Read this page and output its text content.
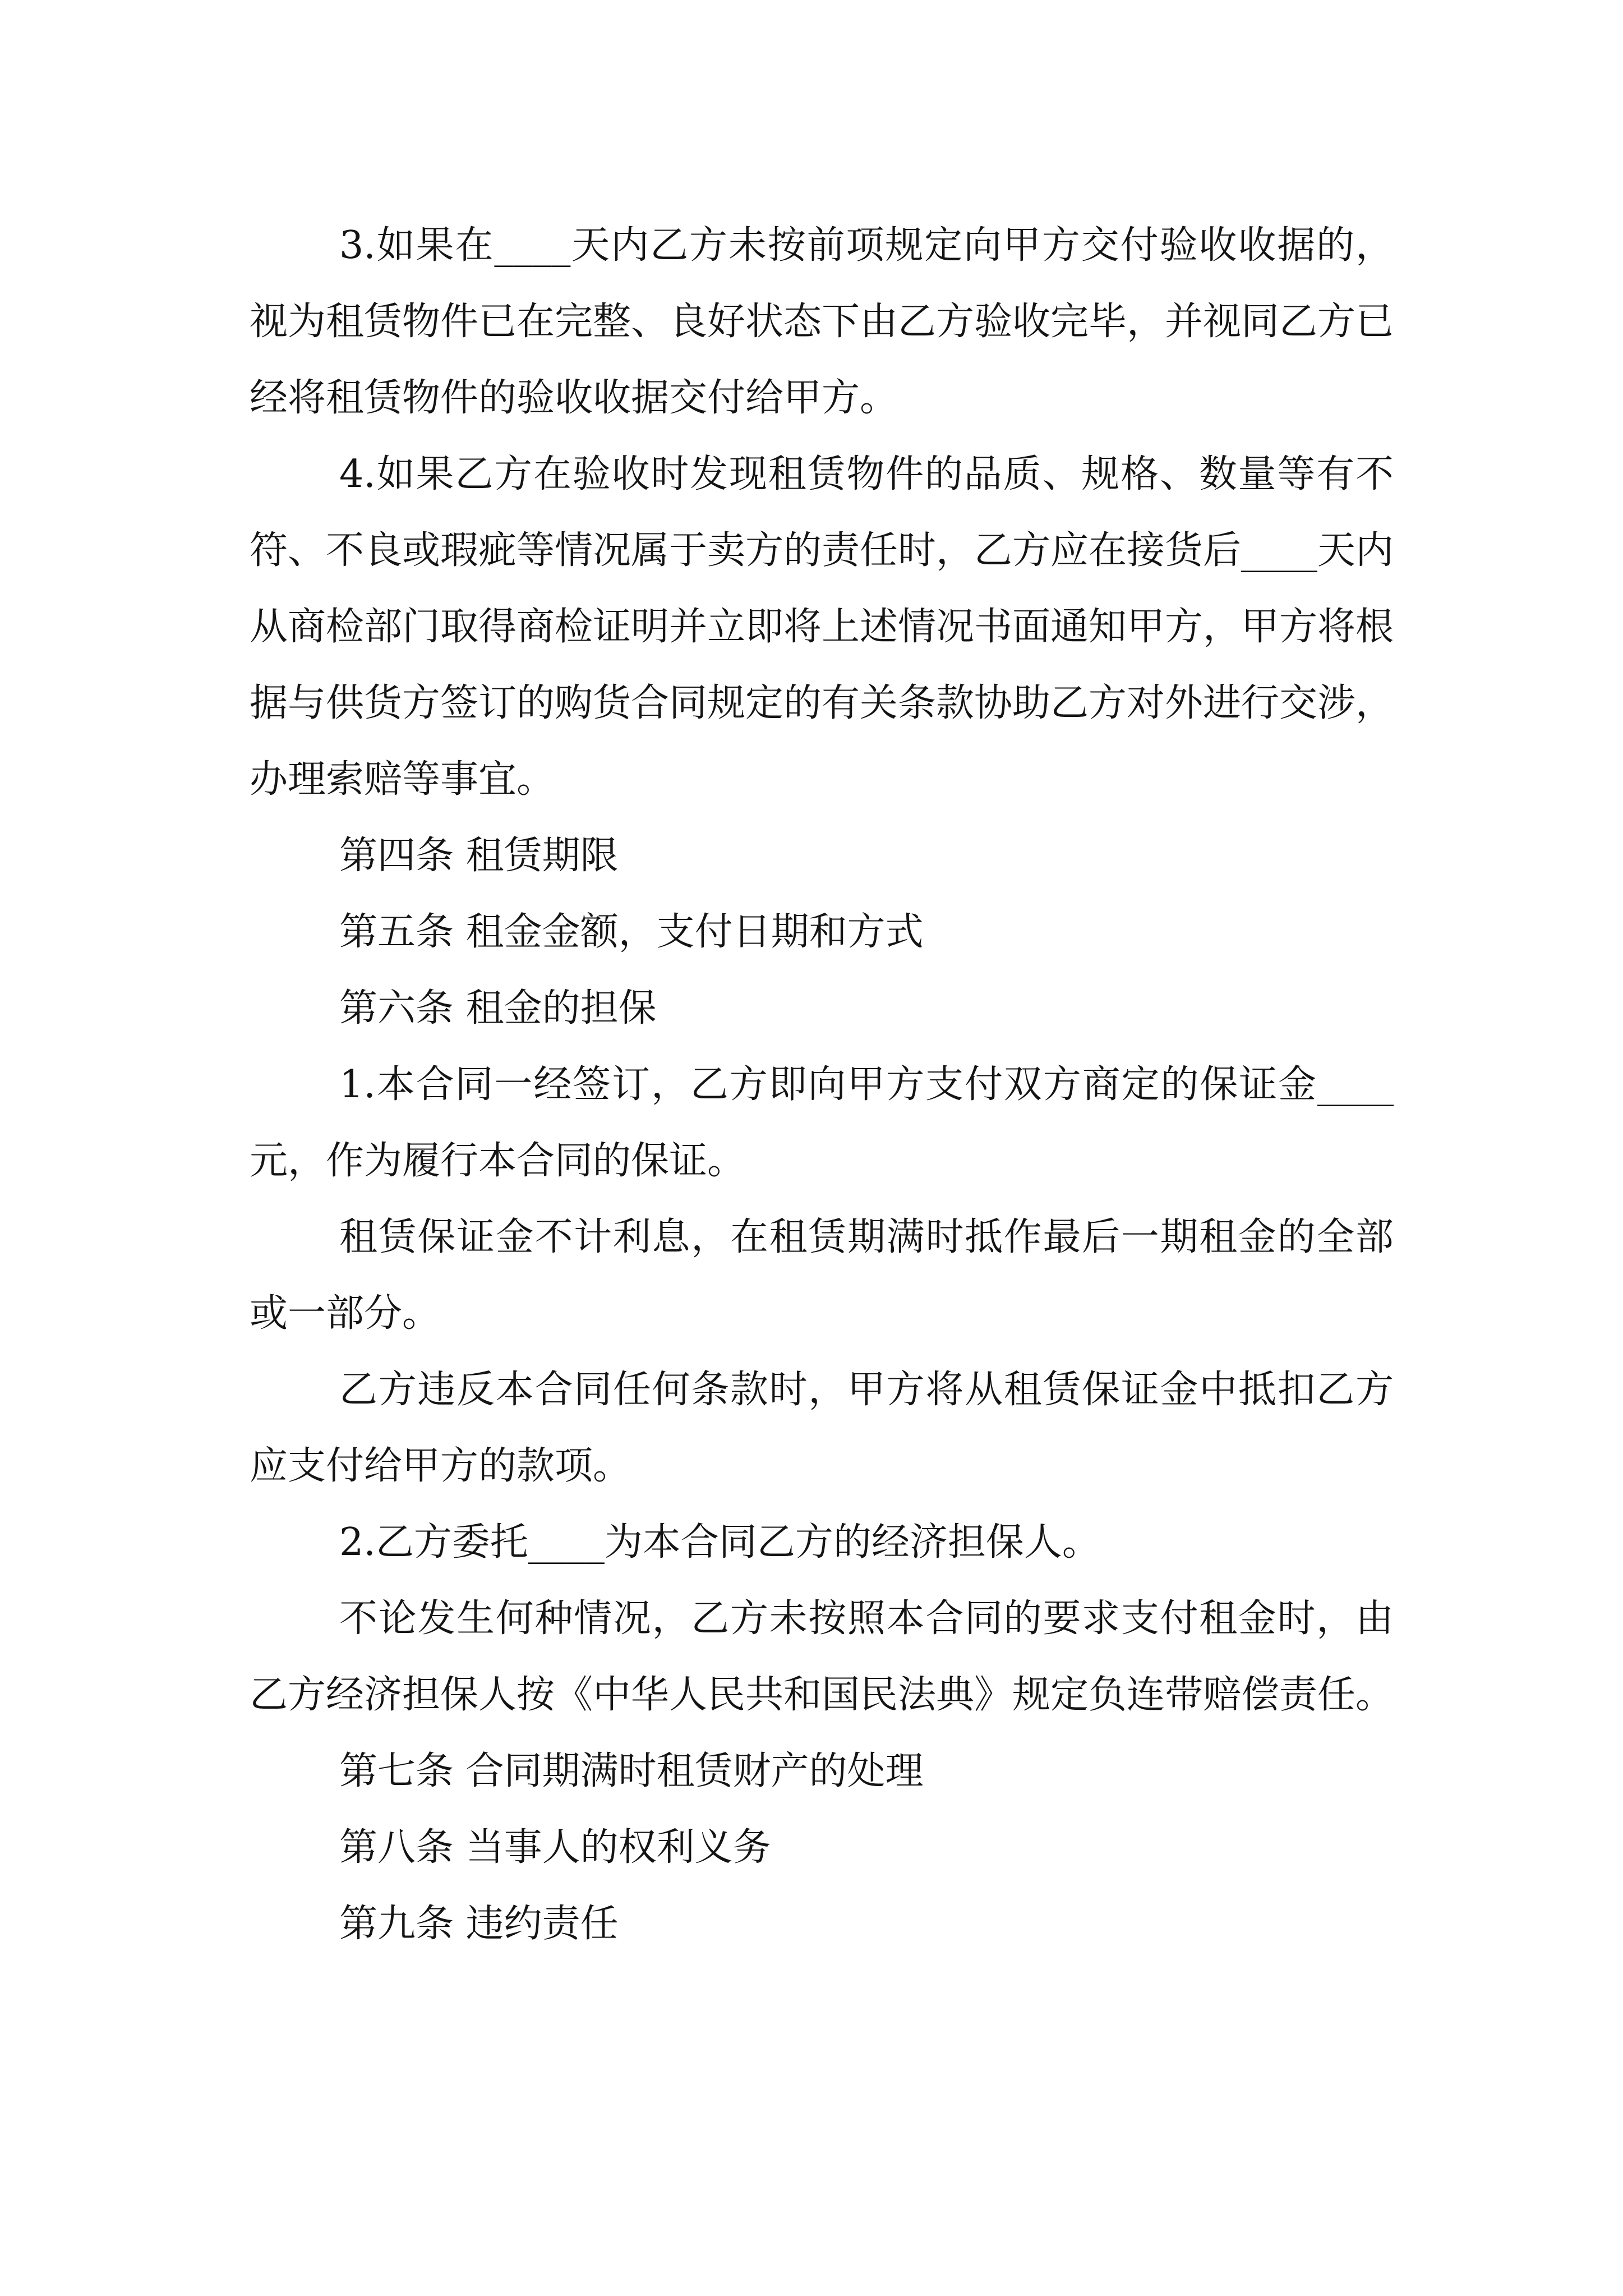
3.如果在____天内乙方未按前项规定向甲方交付验收收据的，视为租赁物件已在完整、良好状态下由乙方验收完毕，并视同乙方已经将租赁物件的验收收据交付给甲方。

4.如果乙方在验收时发现租赁物件的品质、规格、数量等有不符、不良或瑕疵等情况属于卖方的责任时，乙方应在接货后____天内从商检部门取得商检证明并立即将上述情况书面通知甲方，甲方将根据与供货方签订的购货合同规定的有关条款协助乙方对外进行交涉，办理索赔等事宜。

第四条 租赁期限

第五条 租金金额，支付日期和方式

第六条 租金的担保

1.本合同一经签订，乙方即向甲方支付双方商定的保证金____元，作为履行本合同的保证。

租赁保证金不计利息，在租赁期满时抵作最后一期租金的全部或一部分。

乙方违反本合同任何条款时，甲方将从租赁保证金中抵扣乙方应支付给甲方的款项。

2.乙方委托____为本合同乙方的经济担保人。

不论发生何种情况，乙方未按照本合同的要求支付租金时，由乙方经济担保人按《中华人民共和国民法典》规定负连带赔偿责任。

第七条 合同期满时租赁财产的处理

第八条 当事人的权利义务

第九条 违约责任
